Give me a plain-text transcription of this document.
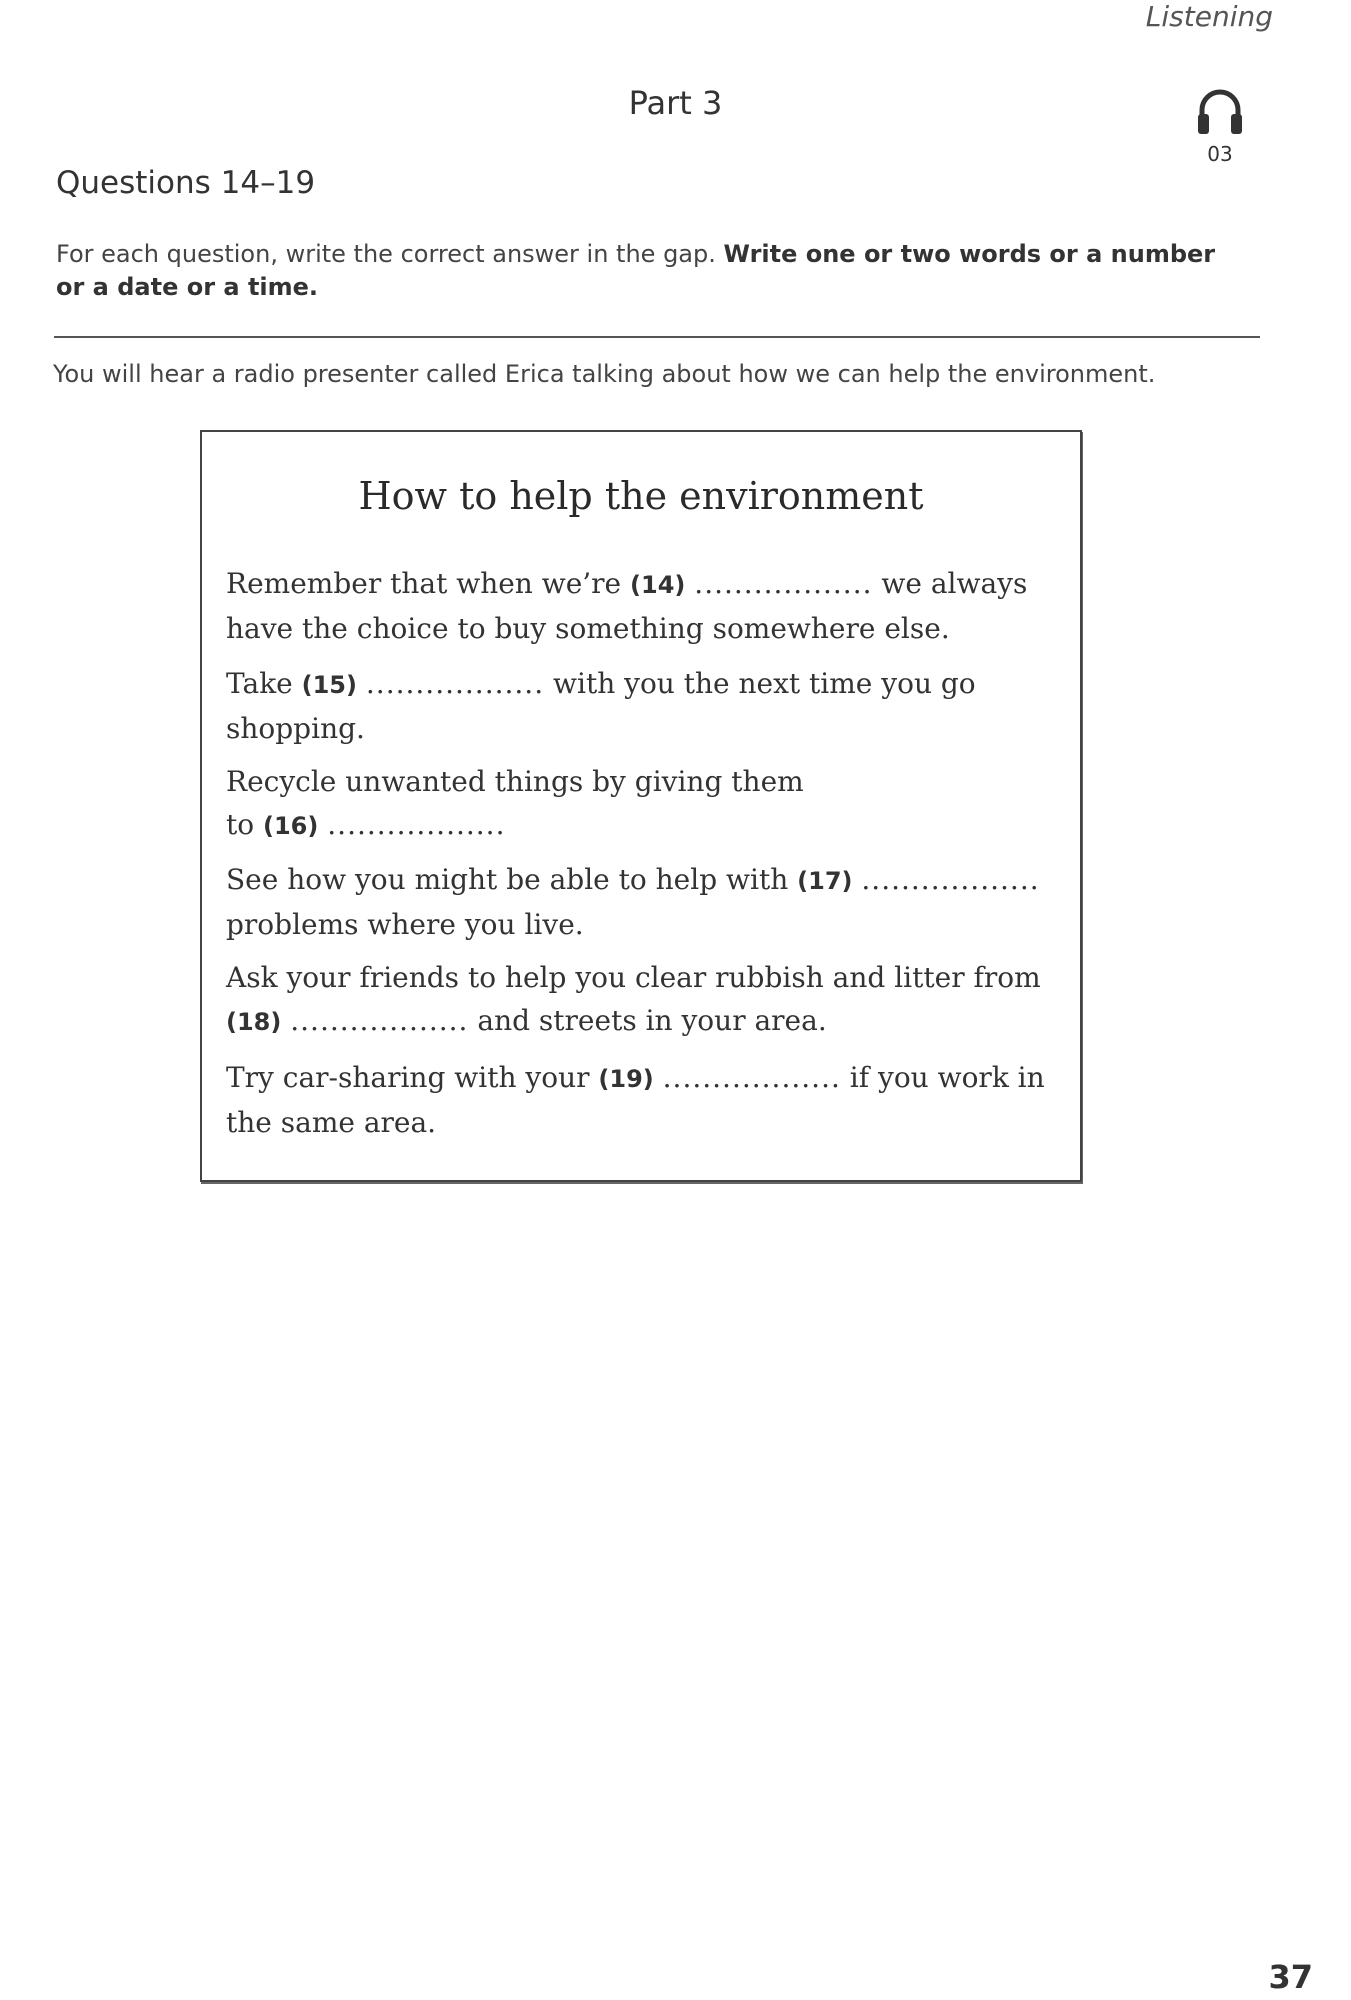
Listening
Part 3
03
Questions 14–19
For each question, write the correct answer in the gap. Write one or two words or a number or a date or a time.
You will hear a radio presenter called Erica talking about how we can help the environment.
How to help the environment
Remember that when we’re (14) .................. we always have the choice to buy something somewhere else.
Take (15) .................. with you the next time you go shopping.
Recycle unwanted things by giving them to (16) ..................
See how you might be able to help with (17) .................. problems where you live.
Ask your friends to help you clear rubbish and litter from (18) .................. and streets in your area.
Try car-sharing with your (19) .................. if you work in the same area.
37
